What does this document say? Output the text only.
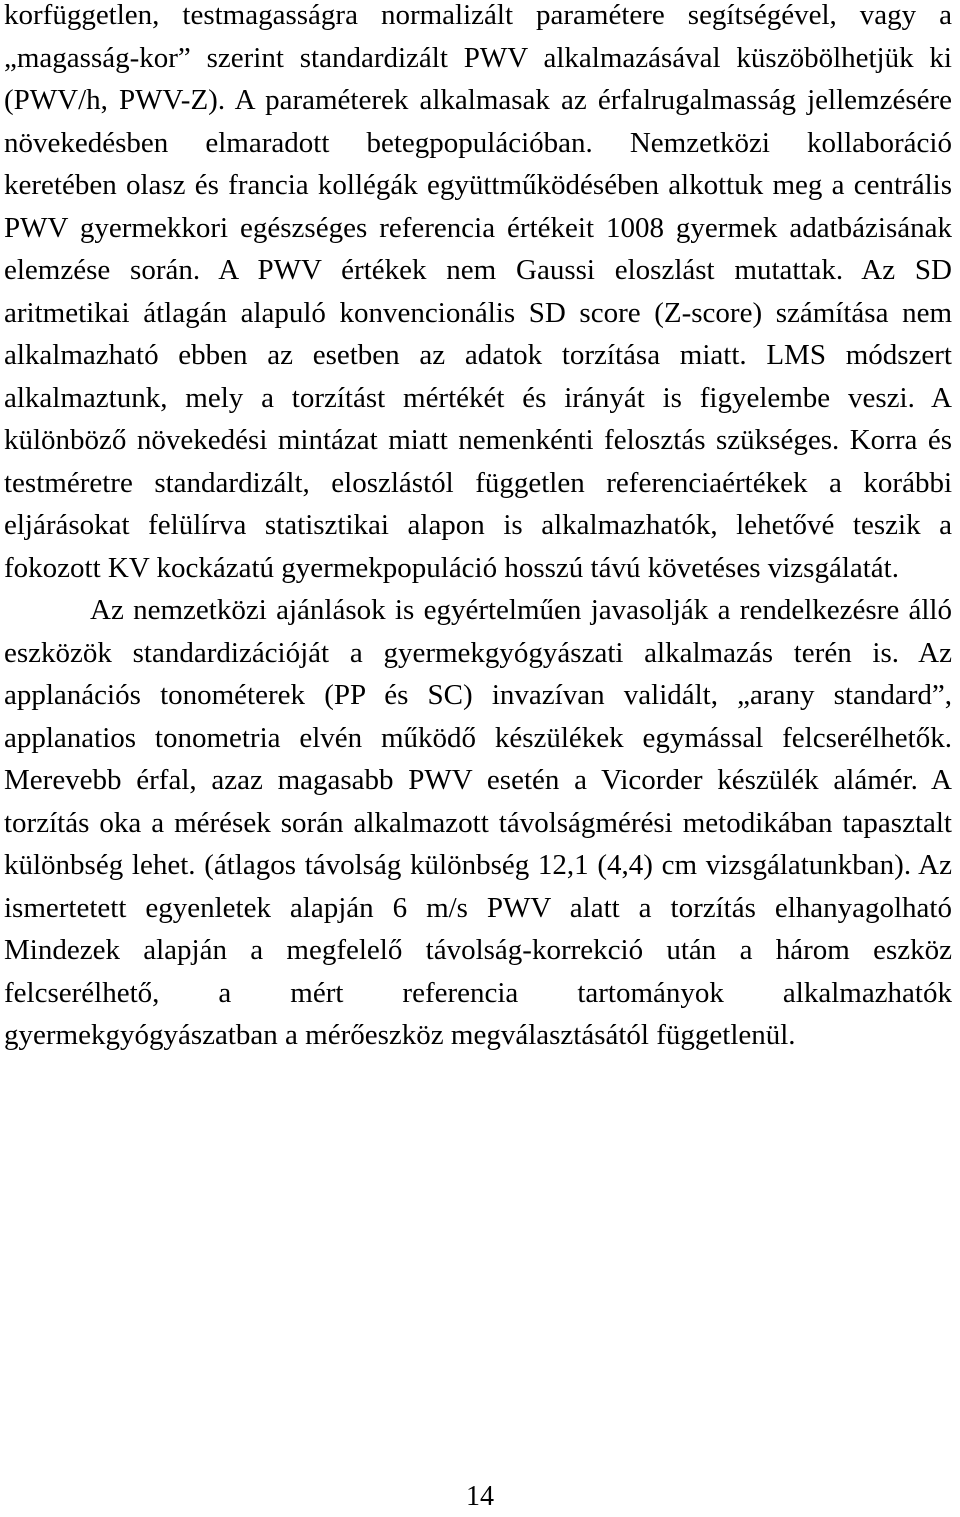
korfüggetlen, testmagasságra normalizált paramétere segítségével, vagy a „magasság-kor” szerint standardizált PWV alkalmazásával küszöbölhetjük ki (PWV/h, PWV-Z). A paraméterek alkalmasak az érfalrugalmasság jellemzésére növekedésben elmaradott betegpopulációban. Nemzetközi kollaboráció keretében olasz és francia kollégák együttműködésében alkottuk meg a centrális PWV gyermekkori egészséges referencia értékeit 1008 gyermek adatbázisának elemzése során. A PWV értékek nem Gaussi eloszlást mutattak. Az SD aritmetikai átlagán alapuló konvencionális SD score (Z-score) számítása nem alkalmazható ebben az esetben az adatok torzítása miatt. LMS módszert alkalmaztunk, mely a torzítást mértékét és irányát is figyelembe veszi. A különböző növekedési mintázat miatt nemenkénti felosztás szükséges. Korra és testméretre standardizált, eloszlástól független referenciaértékek a korábbi eljárásokat felülírva statisztikai alapon is alkalmazhatók, lehetővé teszik a fokozott KV kockázatú gyermekpopuláció hosszú távú követéses vizsgálatát.

Az nemzetközi ajánlások is egyértelműen javasolják a rendelkezésre álló eszközök standardizációját a gyermekgyógyászati alkalmazás terén is. Az applanációs tonométerek (PP és SC) invazívan validált, „arany standard”, applanatios tonometria elvén működő készülékek egymással felcserélhetők. Merevebb érfal, azaz magasabb PWV esetén a Vicorder készülék alámér. A torzítás oka a mérések során alkalmazott távolságmérési metodikában tapasztalt különbség lehet. (átlagos távolság különbség 12,1 (4,4) cm vizsgálatunkban). Az ismertetett egyenletek alapján 6 m/s PWV alatt a torzítás elhanyagolható Mindezek alapján a megfelelő távolság-korrekció után a három eszköz felcserélhető, a mért referencia tartományok alkalmazhatók gyermekgyógyászatban a mérőeszköz megválasztásától függetlenül.

14
